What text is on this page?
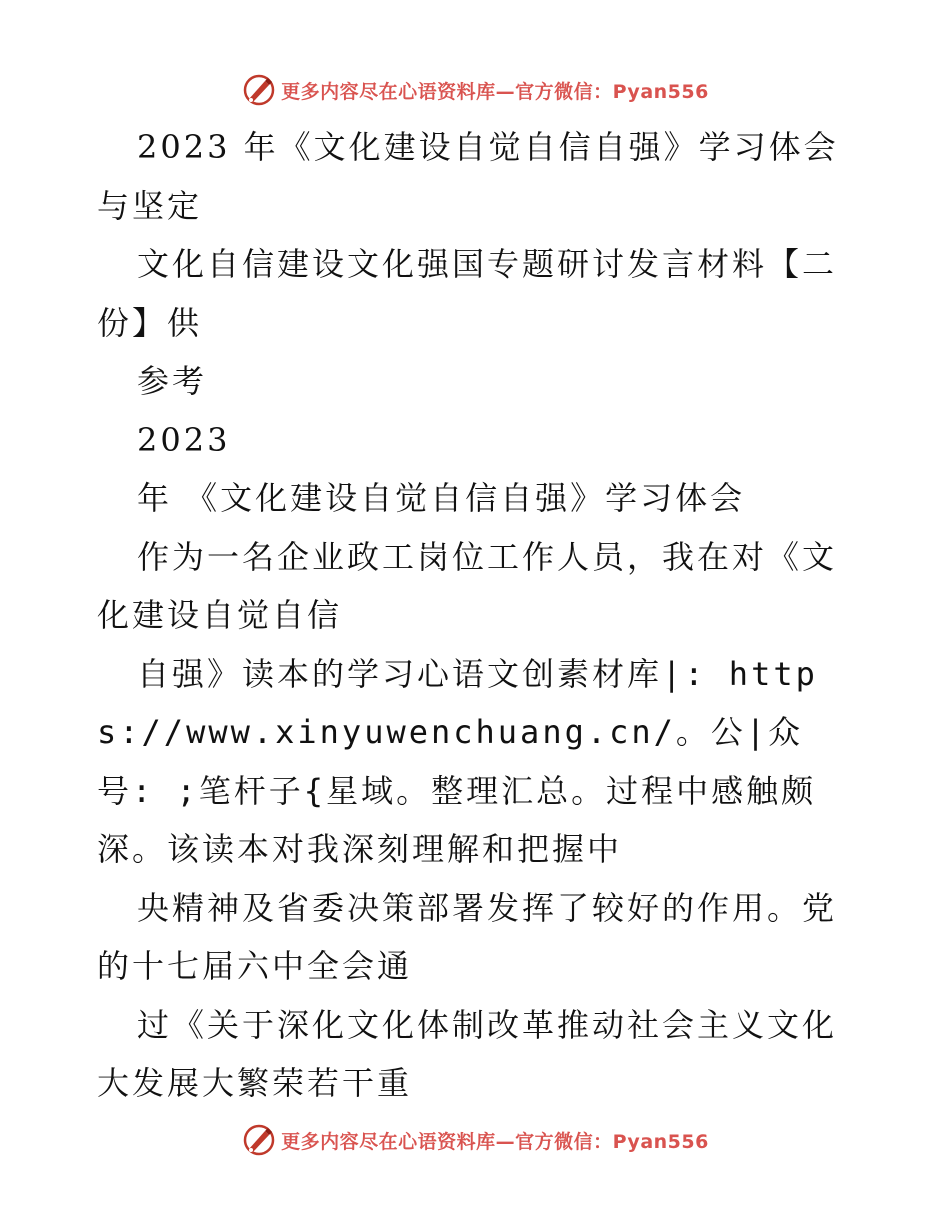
更多内容尽在心语资料库—官方微信：Pyan556

2023 年《文化建设自觉自信自强》学习体会与坚定

文化自信建设文化强国专题研讨发言材料【二份】供

参考

2023

年 《文化建设自觉自信自强》学习体会

作为一名企业政工岗位工作人员，我在对《文化建设自觉自信

自强》读本的学习心语文创素材库|: https://www.xinyuwenchuang.cn/。公|众号: ;笔杆子{星域。整理汇总。过程中感触颇深。该读本对我深刻理解和把握中

央精神及省委决策部署发挥了较好的作用。党的十七届六中全会通

过《关于深化文化体制改革推动社会主义文化大发展大繁荣若干重

更多内容尽在心语资料库—官方微信：Pyan556
